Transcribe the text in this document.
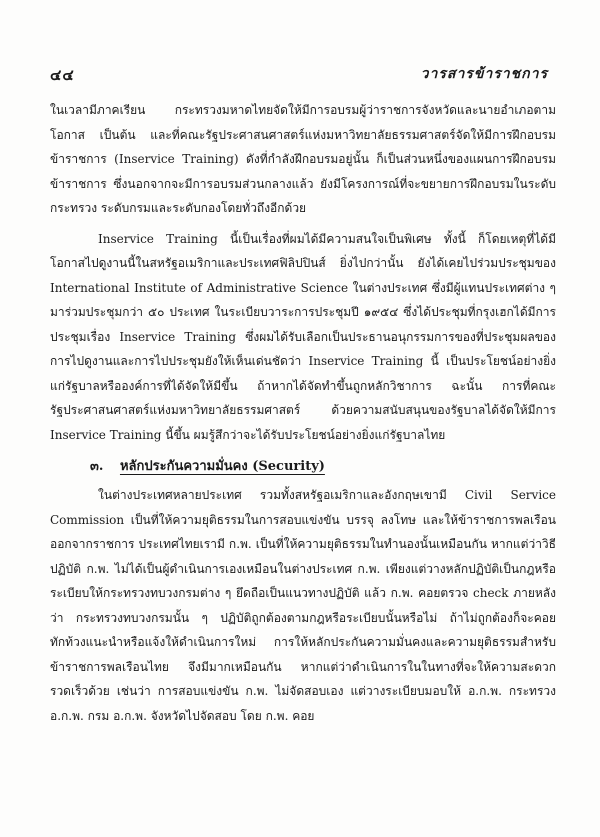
๔๔	วารสารข้าราชการ

ในเวลามีภาคเรียน กระทรวงมหาดไทยจัดให้มีการอบรมผู้ว่าราชการจังหวัดและนายอำเภอตามโอกาส เป็นต้น และที่คณะรัฐประศาสนศาสตร์แห่งมหาวิทยาลัยธรรมศาสตร์จัดให้มีการฝึกอบรมข้าราชการ (Inservice Training) ดังที่กำลังฝึกอบรมอยู่นั้น ก็เป็นส่วนหนึ่งของแผนการฝึกอบรมข้าราชการ ซึ่งนอกจากจะมีการอบรมส่วนกลางแล้ว ยังมีโครงการณ์ที่จะขยายการฝึกอบรมในระดับกระทรวง ระดับกรมและระดับกองโดยทั่วถึงอีกด้วย

Inservice Training นี้เป็นเรื่องที่ผมได้มีความสนใจเป็นพิเศษ ทั้งนี้ ก็โดยเหตุที่ได้มีโอกาสไปดูงานนี้ในสหรัฐอเมริกาและประเทศฟิลิปปินส์ ยิ่งไปกว่านั้น ยังได้เคยไปร่วมประชุมของ International Institute of Administrative Science ในต่างประเทศ ซึ่งมีผู้แทนประเทศต่าง ๆ มาร่วมประชุมกว่า ๕๐ ประเทศ ในระเบียบวาระการประชุมปี ๑๙๕๔ ซึ่งได้ประชุมที่กรุงเฮกได้มีการประชุมเรื่อง Inservice Training ซึ่งผมได้รับเลือกเป็นประธานอนุกรรมการของที่ประชุมผลของการไปดูงานและการไปประชุมยังให้เห็นเด่นชัดว่า Inservice Training นี้ เป็นประโยชน์อย่างยิ่งแก่รัฐบาลหรือองค์การที่ได้จัดให้มีขึ้น ถ้าหากได้จัดทำขึ้นถูกหลักวิชาการ ฉะนั้น การที่คณะรัฐประศาสนศาสตร์แห่งมหาวิทยาลัยธรรมศาสตร์ ด้วยความสนับสนุนของรัฐบาลได้จัดให้มีการ Inservice Training นี้ขึ้น ผมรู้สึกว่าจะได้รับประโยชน์อย่างยิ่งแก่รัฐบาลไทย

๓. หลักประกันความมั่นคง (Security)

ในต่างประเทศหลายประเทศ รวมทั้งสหรัฐอเมริกาและอังกฤษเขามี Civil Service Commission เป็นที่ให้ความยุติธรรมในการสอบแข่งขัน บรรจุ ลงโทษ และให้ข้าราชการพลเรือนออกจากราชการ ประเทศไทยเรามี ก.พ. เป็นที่ให้ความยุติธรรมในทำนองนั้นเหมือนกัน หากแต่ว่าวิธีปฏิบัติ ก.พ. ไม่ได้เป็นผู้ดำเนินการเองเหมือนในต่างประเทศ ก.พ. เพียงแต่วางหลักปฏิบัติเป็นกฎหรือระเบียบให้กระทรวงทบวงกรมต่าง ๆ ยึดถือเป็นแนวทางปฏิบัติ แล้ว ก.พ. คอยตรวจ check ภายหลังว่า กระทรวงทบวงกรมนั้น ๆ ปฏิบัติถูกต้องตามกฎหรือระเบียบนั้นหรือไม่ ถ้าไม่ถูกต้องก็จะคอยทักท้วงแนะนำหรือแจ้งให้ดำเนินการใหม่ การให้หลักประกันความมั่นคงและความยุติธรรมสำหรับข้าราชการพลเรือนไทย จึงมีมากเหมือนกัน หากแต่ว่าดำเนินการในในทางที่จะให้ความสะดวกรวดเร็วด้วย เช่นว่า การสอบแข่งขัน ก.พ. ไม่จัดสอบเอง แต่วางระเบียบมอบให้ อ.ก.พ. กระทรวง อ.ก.พ. กรม อ.ก.พ. จังหวัดไปจัดสอบ โดย ก.พ. คอย
